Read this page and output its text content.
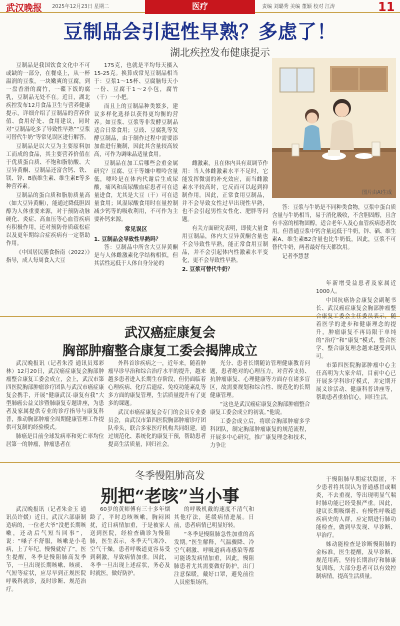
武汉晚报 2025年12月23日 星期二	医疗	责编 刘璐秀 美编 董颖 校对 江涛	11
豆制品会引起性早熟？多虑了！
湖北疾控发布健康提示

豆制品是我国饮食文化中不可或缺的一部分，在餐桌上，从一杯温润的豆浆，一块嫩爽的豆腐，到一盘香滑的腐竹，一碟下饭的腐乳，豆制品无处不在。近日，湖北疾控发布12月食品卫生与营养健康提示，详细介绍了豆制品的营养价值、食用好处、食用建议，同时对“豆制品吃多了导致性早熟”“豆浆可替代牛奶”等常见误区进行解答。

豆制品是以大豆为主要原料加工而成的食品，其主要营养价值在于优质蛋白质、不饱和脂肪酸、大豆异黄酮、豆制品还富含钙、铁、镁、锌、B族维生素、维生素E等多种营养素。

豆制品的蛋白质和脂肪质量高（如大豆异黄酮），能通过降低胆固醇为人体重要来源，对于预防动脉硬化、炎症、高血压等心血管疾病有积极作用，还对预防骨质疏松症以及更年期综合症疾病有一定帮助作用。

《中国居民膳食指南（2022）》指导，成人每周食入大豆

175克，也就是平均每天摄入15-25克。换算成常见豆制品相当于：豆浆1～15杯、豆腐脑每天小一份、豆腐干1～2小包，腐竹（干）一小把。

而且上的豆制品种类繁多，建议多样化选择以获得更均衡的营养。如豆浆、豆浆等非发酵豆制品适合日常食用；豆豉、豆腐乳等发酵豆制品，由于制作过程中需要添加盐进行腌制，因此其含量较高较高，可作为调味品适量食用。

豆制品在加工后哪些会重金属研究？豆腐、豆干等嫌中嘌呤含量低，嘌呤是在体内代谢后生成尿酸，痛风和高尿酸血症患者可在适量进食，尤其是大豆（干）可在适量食用；风湿尿酸食用时在量控制减少钙等的吸收利用，不可作为主要补钙来源。

常见误区
1. 豆制品会导致性早熟吗？

答：豆制品中所含大豆异黄酮是与人体雌激素化学结构相似，但其活性远低于人体自身分泌的

雌激素，且在体内具有双调节作用：当人体雌激素水平不足时，它能发挥微弱的补充效应，而当雌激素水平较高时，它反而可以起到抑制作用。因此，正常食用豆制品，并不会导致女性过早出现性早熟，也不会引起男性女性化、肥胖等问题。

有关方面研究表明，即使大量食用豆制品，体内大豆异黄酮含量也不会导致性早熟，能正常食用豆制品，并不会引起体内性激素水平变化，更不会导致性早熟。

2. 豆浆可替代牛奶？

答：豆浆与牛奶是不同种类食物，豆浆中蛋白质含量与牛奶相当，易于消化吸收，不含胆固醇，且含有丰富的植物固醇，适合老年人及心血管疾病患者饮用。但普通豆浆中钙含量远低于牛奶，锌、硒、维生素A、维生素B2含量也比牛奶低，因此，豆浆不可替代牛奶，两者最好每天都饮用。

记者李慧慧

图片由AI生成
武汉癌症康复会
胸部肿瘤整合康复工委会揭牌成立

武汉晚报讯（记者朱滢 通讯员郑彩林）12月20日，武汉癌症康复会胸部肿瘤整合康复工委会成立，会上，武汉市第四医院胸部肿瘤诊疗团队与武汉市癌症康复会携手，开展“健康武汉·康复有我”大型肺癌公益义诊暨肺康复专题讲座，为患者及家属提供专业的诊疗指导与康复科普，推动胸部肿瘤全周期健康管理工作提供可复制的经验模式。

肺癌是目前全球发病率和死亡率均位居第一的肿瘤，肿瘤患者在

外科首诊疾病之一，近年来，随着肿瘤早诊早治和综合治疗水平的提升，越来越多患者进入长期生存阶段，但仍面临着心理疾病、化疗后遗症、免疫功能紊乱等多方面的康复管理，生活质量提升有了更多的课题。

武汉市癌症康复会专门的会员专业委员会，由武汉市第四医院胸部肿瘤诊疗团队牵头，联合多家医疗机构共同组建，通过规范化、系统化的康复干预，帮助患者提高生活质量，回归社会。

光分、患者长期随访管理健康教育问题，患者绝对的心理压力，对营养支持、抗肿瘤康复、心理健康等方面存在诸多盲区，故需要规划和综合性、规范化的长期健康管理。

“这也是武汉癌症康复会胸部肿瘤整合康复工委会成立的初衷。”他说。

工委会成立后，将联合胸部肿瘤多学科团队，制定胸部肿瘤康复的规范流程，开展多中心研究，推广康复理念和技术，力争让

年新增受益患者及家属近1000人。

中国抗癌协会康复会副秘书长、武汉癌症康复会胸部肿瘤整合康复工委会主任委员表示，随着医学的进步和健康理念的提升，肿瘤康复不再局限于单纯的“治疗”和“康复”模式，整合医学、整合康复理念越来越受到认可。

市第四医院胸部肿瘤中心主任高明为大家介绍，目前中心已开展多学科诊疗模式，并定期开展义诊活动、健康科普讲座等，帮助患者重拾信心，回归生活。

冬季慢阻肺高发
别把“老咳”当小事

武汉晚报讯（记者朱金玉 通讯员许媛）近日，武汉六部康制造病的，一位老大爷“没把长期咳嗽，还动后气短当回事”，说：“嗓子不舒服，咳嗽是小毛病，上了年纪，慢慢就好了”，医生提醒，冬季是慢阻肺高发季节，一旦出现长期咳嗽、咳痰、气短等症状，应尽早到正规医院呼吸科就诊，及时诊断、规范治疗。

60岁的黄师傅有三十多年烟龄了，平时总咳咳嗽，胸闷困扰，近日病情加重，于是被家人送到医院，经检查确诊为慢阻肺，医生表示，冬季天气寒冷、空气干燥，患者呼吸道更容易受到刺激，导致病情加重。因此，冬季一旦出现上述症状，务必及时就医，做好防护。

的呼吸机戴的速度不清气和其他疗法，延缓病情进展。日前，患者病情已明显好转。

“冬季是慢阻肺急性加重的高发期。”医生解释，气温骤降、冷空气刺激、呼吸道病毒感染等都可能诱发病情加重，因此，慢阻肺患者尤其需要做好防护，出门注意保暖，戴好口罩，避免前往人员密集场所。

于慢阻肺早期症状隐匿，不少患者将其误认为普通感冒或咽炎，不去重视，等出现明显气喘时肺功能已经受损严重。因此，建议长期吸烟者、有慢性呼吸道疾病史的人群，应定期进行肺功能检查，做到早发现、早诊断、早治疗。

姊动能检查是诊断慢阻肺的金标准，医生提醒，及早诊断、规范用药，坚持长期治疗和肺康复训练，大部分患者可以有效控制病情，提高生活质量。
